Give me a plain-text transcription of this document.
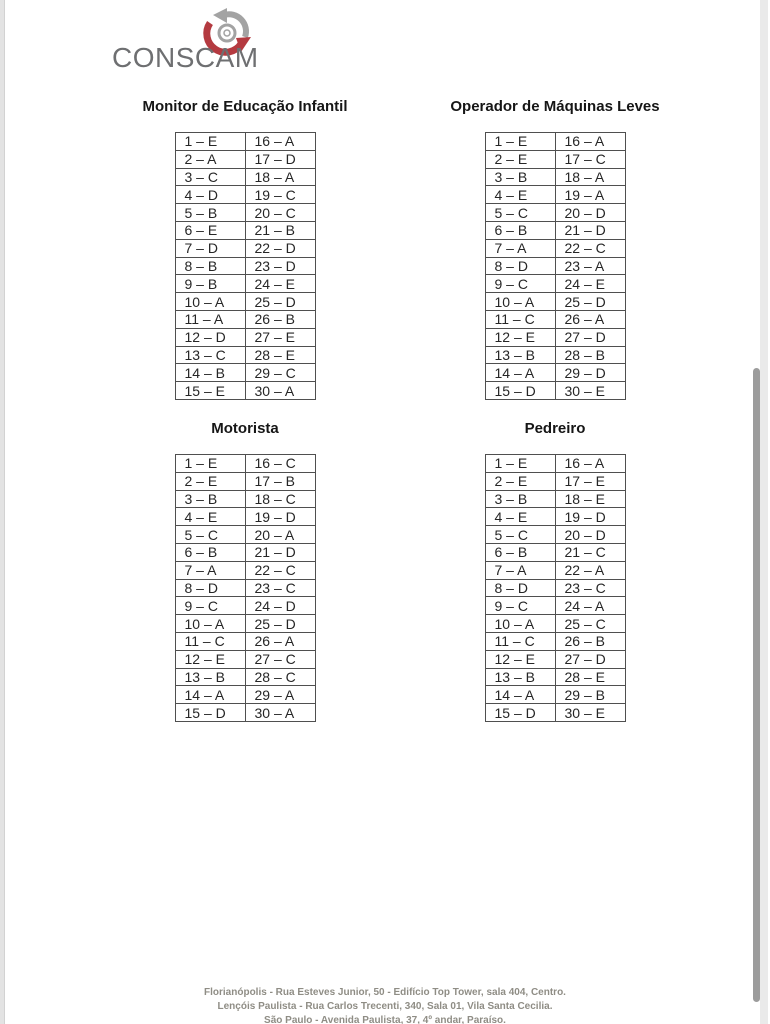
CONSCAM
Monitor de Educação Infantil
1 – E	16 – A
2 – A	17 – D
3 – C	18 – A
4 – D	19 – C
5 – B	20 – C
6 – E	21 – B
7 – D	22 – D
8 – B	23 – D
9 – B	24 – E
10 – A	25 – D
11 – A	26 – B
12 – D	27 – E
13 – C	28 – E
14 – B	29 – C
15 – E	30 – A
Operador de Máquinas Leves
1 – E	16 – A
2 – E	17 – C
3 – B	18 – A
4 – E	19 – A
5 – C	20 – D
6 – B	21 – D
7 – A	22 – C
8 – D	23 – A
9 – C	24 – E
10 – A	25 – D
11 – C	26 – A
12 – E	27 – D
13 – B	28 – B
14 – A	29 – D
15 – D	30 – E
Motorista
1 – E	16 – C
2 – E	17 – B
3 – B	18 – C
4 – E	19 – D
5 – C	20 – A
6 – B	21 – D
7 – A	22 – C
8 – D	23 – C
9 – C	24 – D
10 – A	25 – D
11 – C	26 – A
12 – E	27 – C
13 – B	28 – C
14 – A	29 – A
15 – D	30 – A
Pedreiro
1 – E	16 – A
2 – E	17 – E
3 – B	18 – E
4 – E	19 – D
5 – C	20 – D
6 – B	21 – C
7 – A	22 – A
8 – D	23 – C
9 – C	24 – A
10 – A	25 – C
11 – C	26 – B
12 – E	27 – D
13 – B	28 – E
14 – A	29 – B
15 – D	30 – E
Florianópolis - Rua Esteves Junior, 50 - Edifício Top Tower, sala 404, Centro.
Lençóis Paulista - Rua Carlos Trecenti, 340, Sala 01, Vila Santa Cecilia.
São Paulo - Avenida Paulista, 37, 4º andar, Paraíso.
